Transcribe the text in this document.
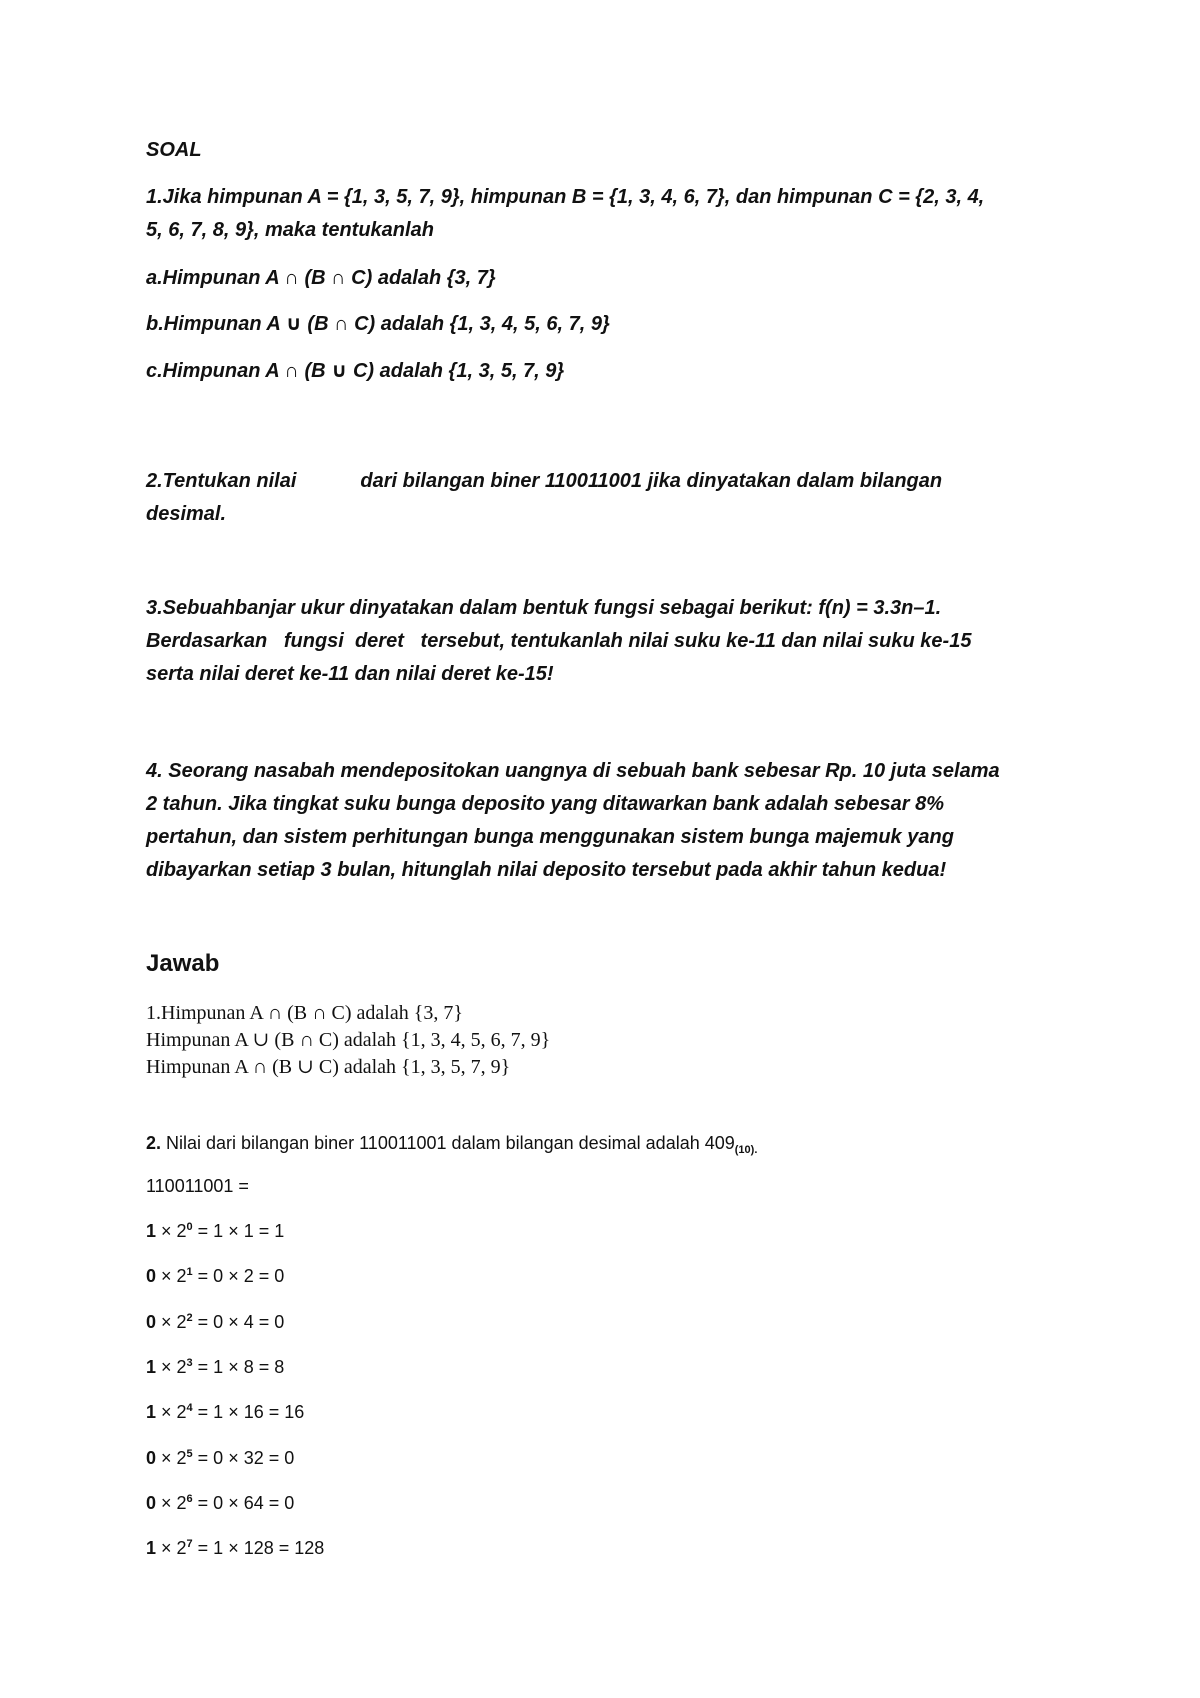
SOAL

1.Jika himpunan A = {1, 3, 5, 7, 9}, himpunan B = {1, 3, 4, 6, 7}, dan himpunan C = {2, 3, 4,

5, 6, 7, 8, 9}, maka tentukanlah

a.Himpunan A ∩ (B ∩ C) adalah {3, 7}

b.Himpunan A ∪ (B ∩ C) adalah {1, 3, 4, 5, 6, 7, 9}

c.Himpunan A ∩ (B ∪ C) adalah {1, 3, 5, 7, 9}

2.Tentukan nilai	dari bilangan biner 110011001 jika dinyatakan dalam bilangan

desimal.

3.Sebuahbanjar ukur dinyatakan dalam bentuk fungsi sebagai berikut: f(n) = 3.3n–1.

Berdasarkan   fungsi  deret   tersebut, tentukanlah nilai suku ke-11 dan nilai suku ke-15

serta nilai deret ke-11 dan nilai deret ke-15!

4. Seorang nasabah mendepositokan uangnya di sebuah bank sebesar Rp. 10 juta selama

2 tahun. Jika tingkat suku bunga deposito yang ditawarkan bank adalah sebesar 8%

pertahun, dan sistem perhitungan bunga menggunakan sistem bunga majemuk yang

dibayarkan setiap 3 bulan, hitunglah nilai deposito tersebut pada akhir tahun kedua!

Jawab

1.Himpunan A ∩ (B ∩ C) adalah {3, 7}

Himpunan A ∪ (B ∩ C) adalah {1, 3, 4, 5, 6, 7, 9}

Himpunan A ∩ (B ∪ C) adalah {1, 3, 5, 7, 9}

2. Nilai dari bilangan biner 110011001 dalam bilangan desimal adalah $409_{(10).}$
110011001 =
$1 \times 2^0 = 1 \times 1 = 1$
$0 \times 2^1 = 0 \times 2 = 0$
$0 \times 2^2 = 0 \times 4 = 0$
$1 \times 2^3 = 1 \times 8 = 8$
$1 \times 2^4 = 1 \times 16 = 16$
$0 \times 2^5 = 0 \times 32 = 0$
$0 \times 2^6 = 0 \times 64 = 0$
$1 \times 2^7 = 1 \times 128 = 128$
